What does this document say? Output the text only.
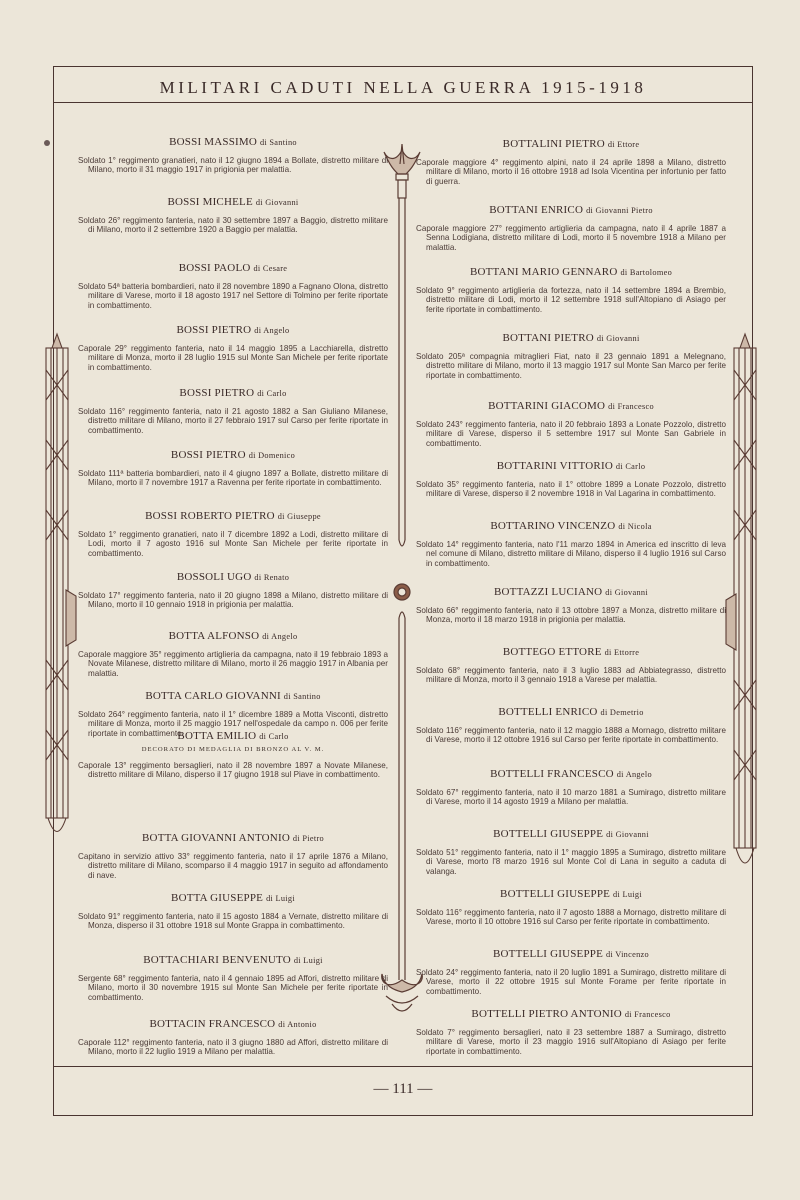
MILITARI CADUTI NELLA GUERRA 1915-1918
— 111 —
BOSSI MASSIMO di Santino
Soldato 1° reggimento granatieri, nato il 12 giugno 1894 a Bollate, distretto militare di Milano, morto il 31 maggio 1917 in prigionia per malattia.
BOSSI MICHELE di Giovanni
Soldato 26° reggimento fanteria, nato il 30 settembre 1897 a Baggio, distretto militare di Milano, morto il 2 settembre 1920 a Baggio per malattia.
BOSSI PAOLO di Cesare
Soldato 54ª batteria bombardieri, nato il 28 novembre 1890 a Fagnano Olona, distretto militare di Varese, morto il 18 agosto 1917 nel Settore di Tolmino per ferite riportate in combattimento.
BOSSI PIETRO di Angelo
Caporale 29° reggimento fanteria, nato il 14 maggio 1895 a Lacchiarella, distretto militare di Monza, morto il 28 luglio 1915 sul Monte San Michele per ferite riportate in combattimento.
BOSSI PIETRO di Carlo
Soldato 116° reggimento fanteria, nato il 21 agosto 1882 a San Giuliano Milanese, distretto militare di Milano, morto il 27 febbraio 1917 sul Carso per ferite riportate in combattimento.
BOSSI PIETRO di Domenico
Soldato 111ª batteria bombardieri, nato il 4 giugno 1897 a Bollate, distretto militare di Milano, morto il 7 novembre 1917 a Ravenna per ferite riportate in combattimento.
BOSSI ROBERTO PIETRO di Giuseppe
Soldato 1° reggimento granatieri, nato il 7 dicembre 1892 a Lodi, distretto militare di Lodi, morto il 7 agosto 1916 sul Monte San Michele per ferite riportate in combattimento.
BOSSOLI UGO di Renato
Soldato 17° reggimento fanteria, nato il 20 giugno 1898 a Milano, distretto militare di Milano, morto il 10 gennaio 1918 in prigionia per malattia.
BOTTA ALFONSO di Angelo
Caporale maggiore 35° reggimento artiglieria da campagna, nato il 19 febbraio 1893 a Novate Milanese, distretto militare di Milano, morto il 26 maggio 1917 in Albania per malattia.
BOTTA CARLO GIOVANNI di Santino
Soldato 264° reggimento fanteria, nato il 1° dicembre 1889 a Motta Visconti, distretto militare di Monza, morto il 25 maggio 1917 nell'ospedale da campo n. 006 per ferite riportate in combattimento.
BOTTA EMILIO di Carlo
DECORATO DI MEDAGLIA DI BRONZO AL V. M.
Caporale 13° reggimento bersaglieri, nato il 28 novembre 1897 a Novate Milanese, distretto militare di Milano, disperso il 17 giugno 1918 sul Piave in combattimento.
BOTTA GIOVANNI ANTONIO di Pietro
Capitano in servizio attivo 33° reggimento fanteria, nato il 17 aprile 1876 a Milano, distretto militare di Milano, scomparso il 4 maggio 1917 in seguito ad affondamento di nave.
BOTTA GIUSEPPE di Luigi
Soldato 91° reggimento fanteria, nato il 15 agosto 1884 a Vernate, distretto militare di Monza, disperso il 31 ottobre 1918 sul Monte Grappa in combattimento.
BOTTACHIARI BENVENUTO di Luigi
Sergente 68° reggimento fanteria, nato il 4 gennaio 1895 ad Affori, distretto militare di Milano, morto il 30 novembre 1915 sul Monte San Michele per ferite riportate in combattimento.
BOTTACIN FRANCESCO di Antonio
Caporale 112° reggimento fanteria, nato il 3 giugno 1880 ad Affori, distretto militare di Milano, morto il 22 luglio 1919 a Milano per malattia.
BOTTALINI PIETRO di Ettore
Caporale maggiore 4° reggimento alpini, nato il 24 aprile 1898 a Milano, distretto militare di Milano, morto il 16 ottobre 1918 ad Isola Vicentina per infortunio per fatto di guerra.
BOTTANI ENRICO di Giovanni Pietro
Caporale maggiore 27° reggimento artiglieria da campagna, nato il 4 aprile 1887 a Senna Lodigiana, distretto militare di Lodi, morto il 5 novembre 1918 a Milano per malattia.
BOTTANI MARIO GENNARO di Bartolomeo
Soldato 9° reggimento artiglieria da fortezza, nato il 14 settembre 1894 a Brembio, distretto militare di Lodi, morto il 12 settembre 1918 sull'Altopiano di Asiago per ferite riportate in combattimento.
BOTTANI PIETRO di Giovanni
Soldato 205ª compagnia mitraglieri Fiat, nato il 23 gennaio 1891 a Melegnano, distretto militare di Milano, morto il 13 maggio 1917 sul Monte San Marco per ferite riportate in combattimento.
BOTTARINI GIACOMO di Francesco
Soldato 243° reggimento fanteria, nato il 20 febbraio 1893 a Lonate Pozzolo, distretto militare di Varese, disperso il 5 settembre 1917 sul Monte San Gabriele in combattimento.
BOTTARINI VITTORIO di Carlo
Soldato 35° reggimento fanteria, nato il 1° ottobre 1899 a Lonate Pozzolo, distretto militare di Varese, disperso il 2 novembre 1918 in Val Lagarina in combattimento.
BOTTARINO VINCENZO di Nicola
Soldato 14° reggimento fanteria, nato l'11 marzo 1894 in America ed inscritto di leva nel comune di Milano, distretto militare di Milano, disperso il 4 luglio 1916 sul Carso in combattimento.
BOTTAZZI LUCIANO di Giovanni
Soldato 66° reggimento fanteria, nato il 13 ottobre 1897 a Monza, distretto militare di Monza, morto il 18 marzo 1918 in prigionia per malattia.
BOTTEGO ETTORE di Ettorre
Soldato 68° reggimento fanteria, nato il 3 luglio 1883 ad Abbiategrasso, distretto militare di Monza, morto il 3 gennaio 1918 a Varese per malattia.
BOTTELLI ENRICO di Demetrio
Soldato 116° reggimento fanteria, nato il 12 maggio 1888 a Mornago, distretto militare di Varese, morto il 12 ottobre 1916 sul Carso per ferite riportate in combattimento.
BOTTELLI FRANCESCO di Angelo
Soldato 67° reggimento fanteria, nato il 10 marzo 1881 a Sumirago, distretto militare di Varese, morto il 14 agosto 1919 a Milano per malattia.
BOTTELLI GIUSEPPE di Giovanni
Soldato 51° reggimento fanteria, nato il 1° maggio 1895 a Sumirago, distretto militare di Varese, morto l'8 marzo 1916 sul Monte Col di Lana in seguito a caduta di valanga.
BOTTELLI GIUSEPPE di Luigi
Soldato 116° reggimento fanteria, nato il 7 agosto 1888 a Mornago, distretto militare di Varese, morto il 10 ottobre 1916 sul Carso per ferite riportate in combattimento.
BOTTELLI GIUSEPPE di Vincenzo
Soldato 24° reggimento fanteria, nato il 20 luglio 1891 a Sumirago, distretto militare di Varese, morto il 22 ottobre 1915 sul Monte Forame per ferite riportate in combattimento.
BOTTELLI PIETRO ANTONIO di Francesco
Soldato 7° reggimento bersaglieri, nato il 23 settembre 1887 a Sumirago, distretto militare di Varese, morto il 23 maggio 1916 sull'Altopiano di Asiago per ferite riportate in combattimento.
